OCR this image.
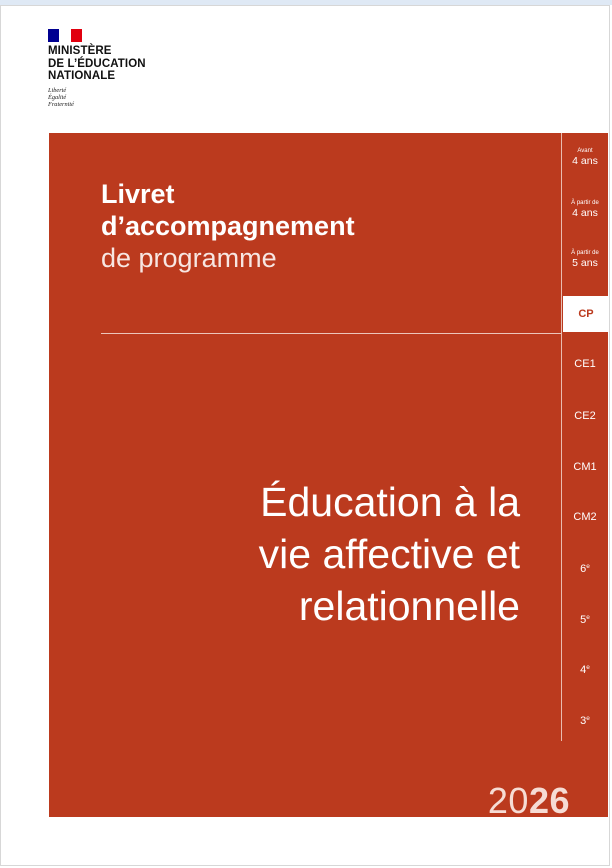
MINISTÈRE
DE L’ÉDUCATION
NATIONALE
Liberté
Égalité
Fraternité
Livret
d’accompagnement
de programme
Éducation à la
vie affective et
relationnelle
2026
Avant
4 ans
À partir de
4 ans
À partir de
5 ans
CP
CE1
CE2
CM1
CM2
6e
5e
4e
3e
